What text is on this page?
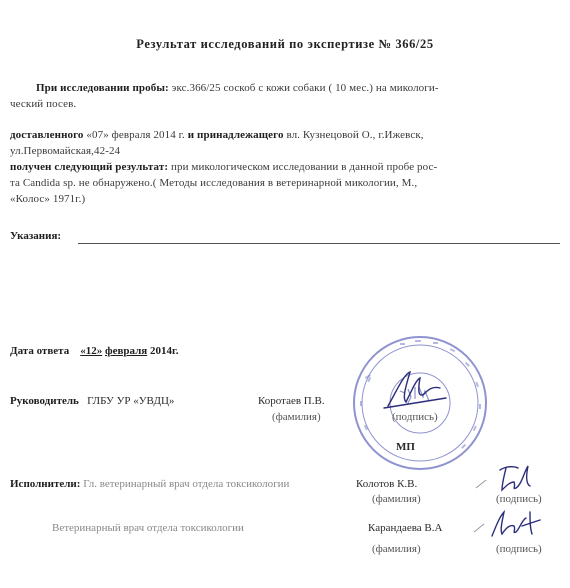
Результат исследований по экспертизе № 366/25
При исследовании пробы: экс.366/25 соскоб с кожи собаки ( 10 мес.) на микологи-
ческий посев.
доставленного «07» февраля 2014 г. и принадлежащего вл. Кузнецовой О., г.Ижевск,
ул.Первомайская,42-24
получен следующий результат: при микологическом исследовании в данной пробе рос-
та Candida sp. не обнаружено.( Методы исследования в ветеринарной микологии, М.,
«Колос» 1971г.)
Указания:
Дата ответа «12» февраля 2014г.
МП
Руководитель ГЛБУ УР «УВДЦ»	Коротаев П.В.
(фамилия)	(подпись)
Исполнители: Гл. ветеринарный врач отдела токсикологии	Колотов К.В.
(фамилия)	(подпись)
Ветеринарный врач отдела токсикологии	Карандаева В.А
(фамилия)	(подпись)
